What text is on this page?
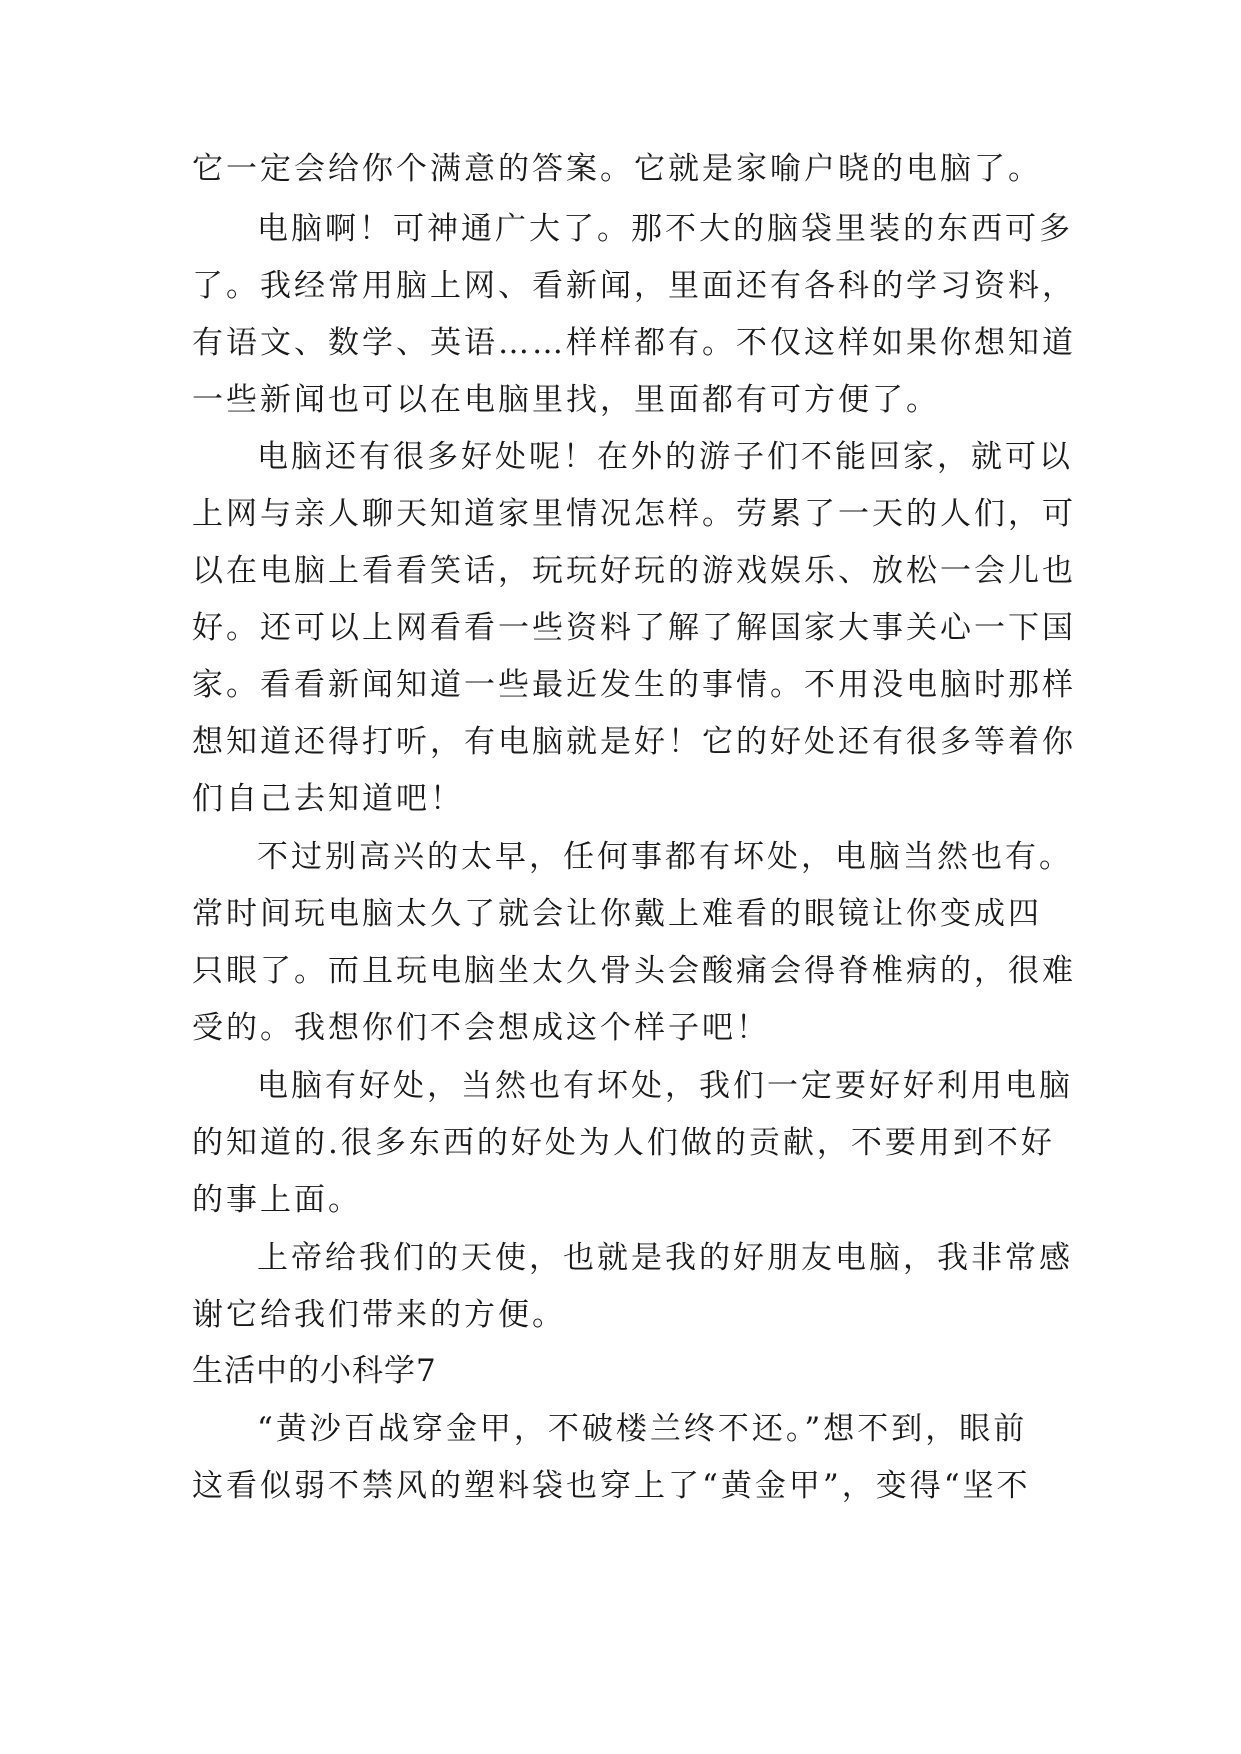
它一定会给你个满意的答案。它就是家喻户晓的电脑了。
电脑啊！可神通广大了。那不大的脑袋里装的东西可多
了。我经常用脑上网、看新闻，里面还有各科的学习资料，
有语文、数学、英语……样样都有。不仅这样如果你想知道
一些新闻也可以在电脑里找，里面都有可方便了。
电脑还有很多好处呢！在外的游子们不能回家，就可以
上网与亲人聊天知道家里情况怎样。劳累了一天的人们，可
以在电脑上看看笑话，玩玩好玩的游戏娱乐、放松一会儿也
好。还可以上网看看一些资料了解了解国家大事关心一下国
家。看看新闻知道一些最近发生的事情。不用没电脑时那样
想知道还得打听，有电脑就是好！它的好处还有很多等着你
们自己去知道吧！
不过别高兴的太早，任何事都有坏处，电脑当然也有。
常时间玩电脑太久了就会让你戴上难看的眼镜让你变成四
只眼了。而且玩电脑坐太久骨头会酸痛会得脊椎病的，很难
受的。我想你们不会想成这个样子吧！
电脑有好处，当然也有坏处，我们一定要好好利用电脑
的知道的.很多东西的好处为人们做的贡献，不要用到不好
的事上面。
上帝给我们的天使，也就是我的好朋友电脑，我非常感
谢它给我们带来的方便。
生活中的小科学7
“黄沙百战穿金甲，不破楼兰终不还。”想不到，眼前
这看似弱不禁风的塑料袋也穿上了“黄金甲”，变得“坚不
